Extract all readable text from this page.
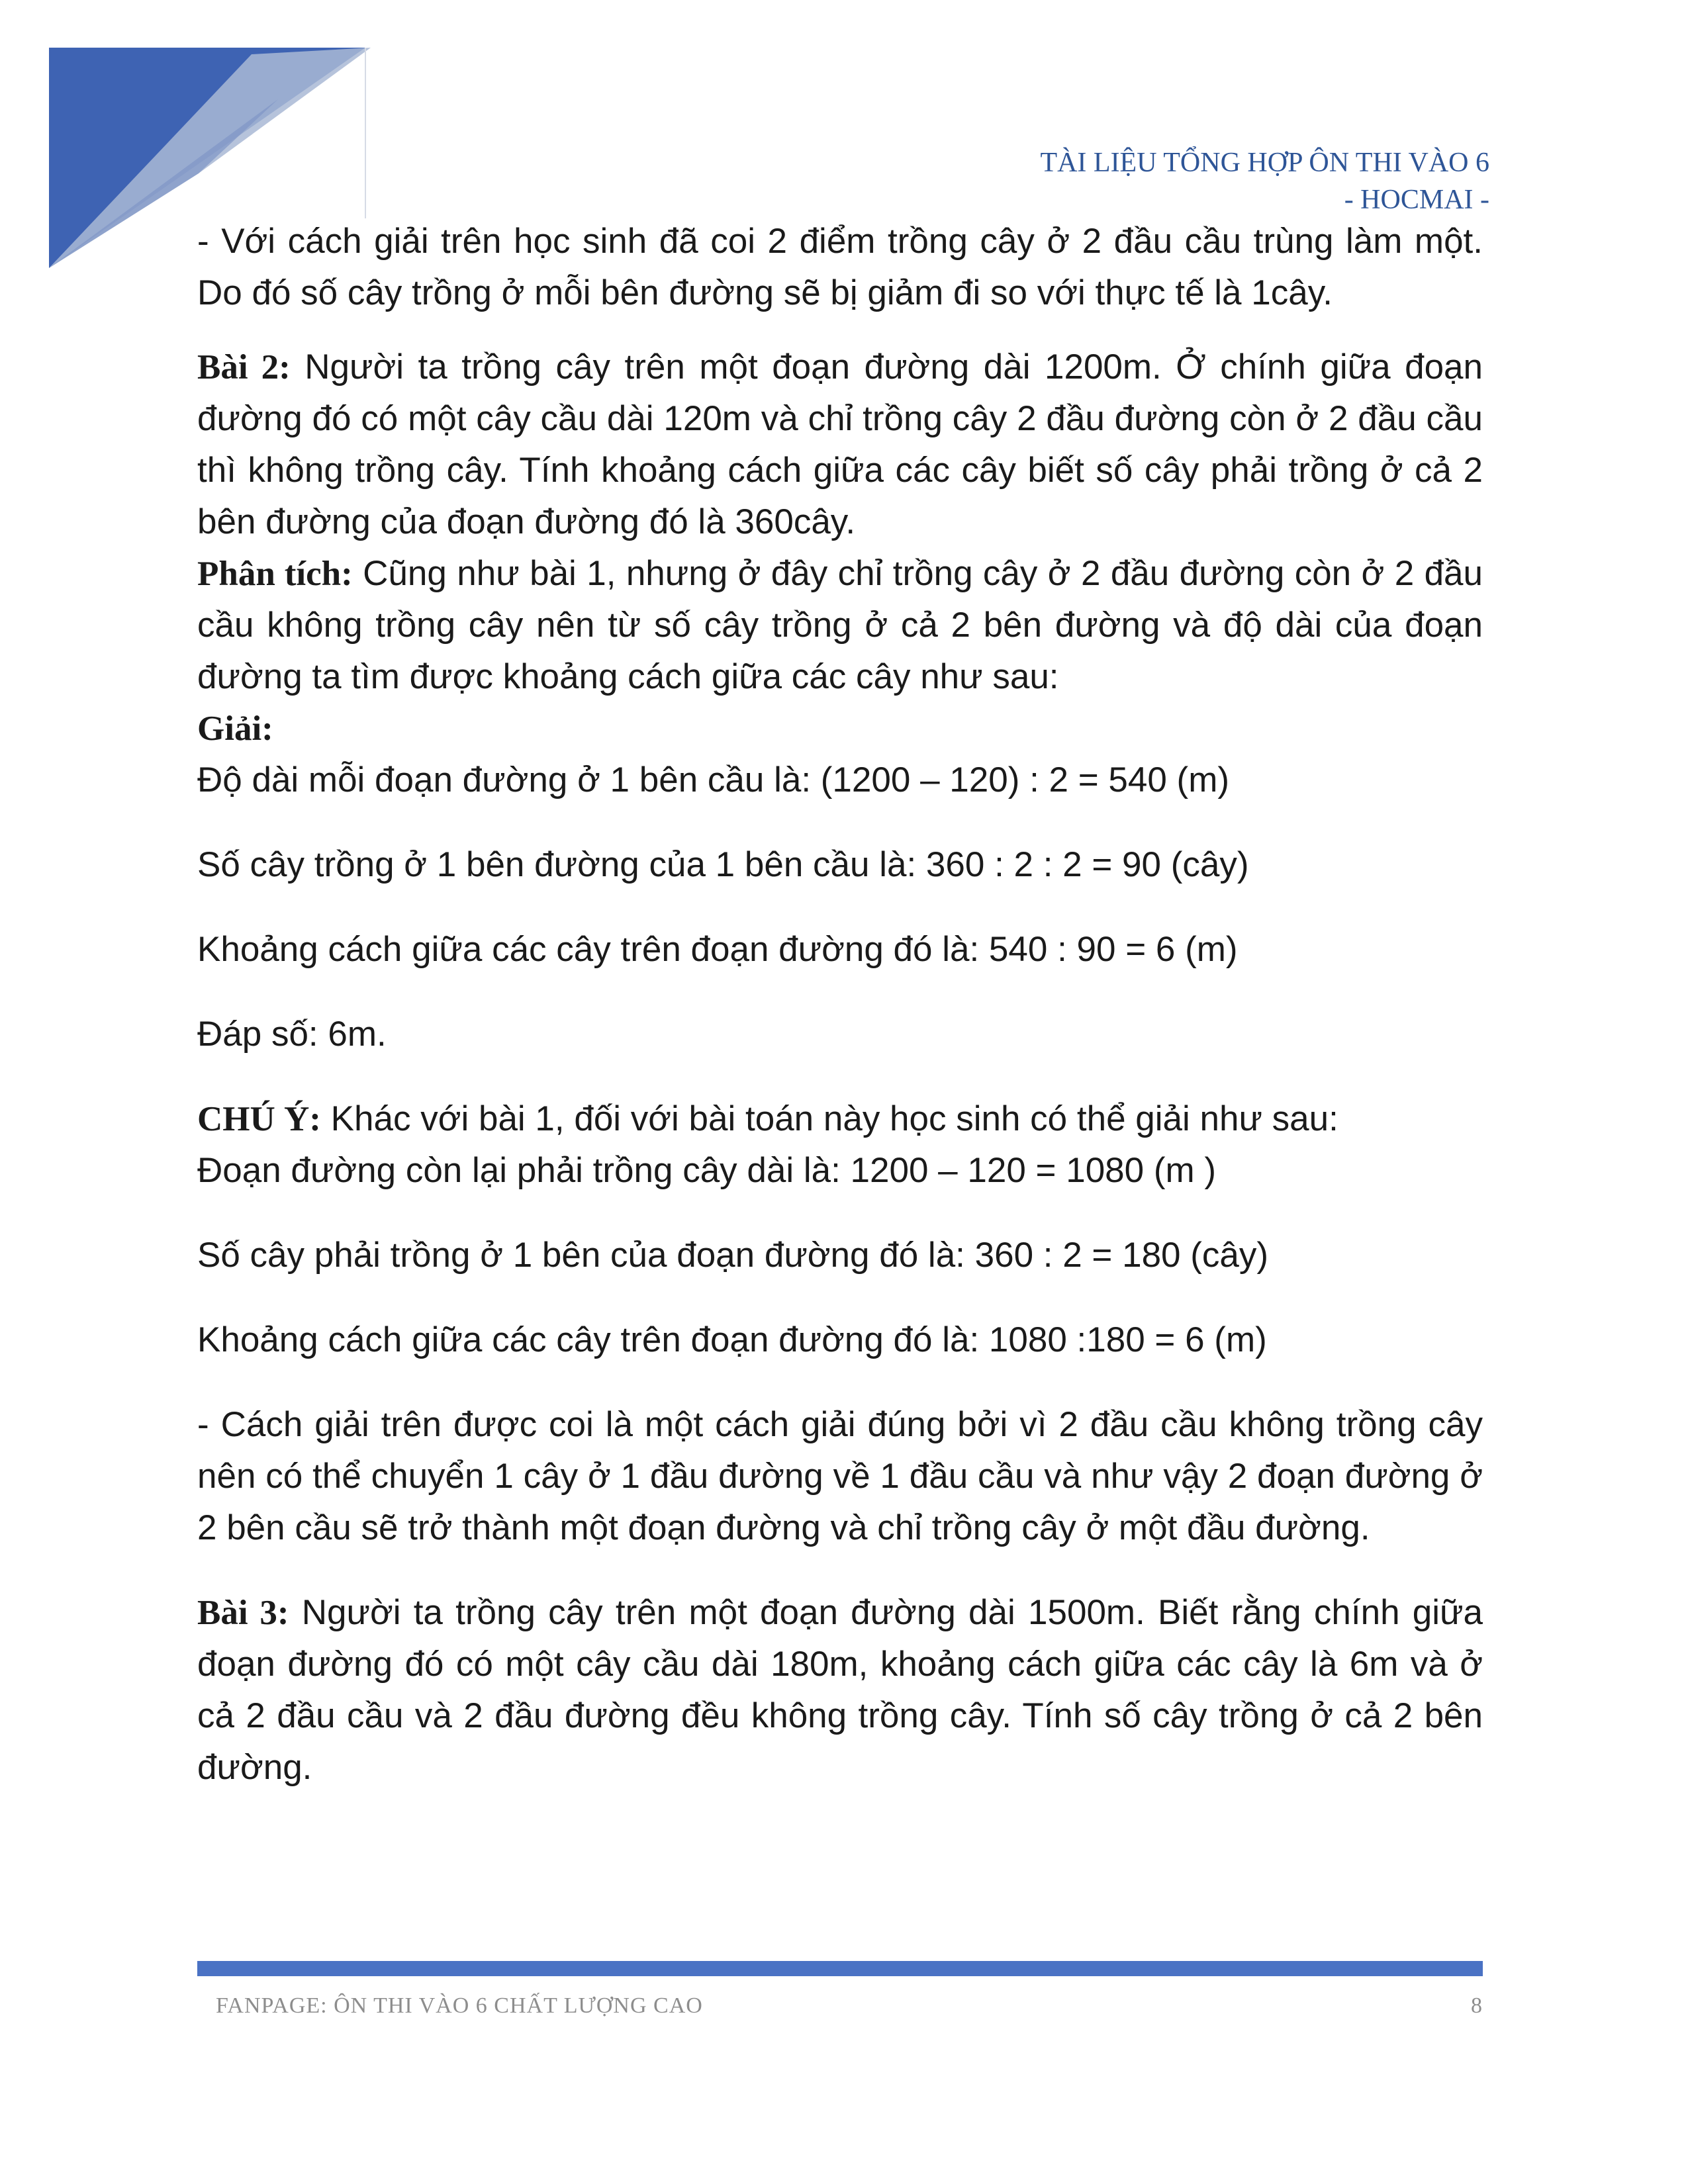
TÀI LIỆU TỔNG HỢP ÔN THI VÀO 6
- HOCMAI -

- Với cách giải trên học sinh đã coi 2 điểm trồng cây ở 2 đầu cầu trùng làm một. Do đó số cây trồng ở mỗi bên đường sẽ bị giảm đi so với thực tế là 1cây.

Bài 2: Người ta trồng cây trên một đoạn đường dài 1200m. Ở chính giữa đoạn đường đó có một cây cầu dài 120m và chỉ trồng cây 2 đầu đường còn ở 2 đầu cầu thì không trồng cây. Tính khoảng cách giữa các cây biết số cây phải trồng ở cả 2 bên đường của đoạn đường đó là 360cây.

Phân tích: Cũng như bài 1, nhưng ở đây chỉ trồng cây ở 2 đầu đường còn ở 2 đầu cầu không trồng cây nên từ số cây trồng ở cả 2 bên đường và độ dài của đoạn đường ta tìm được khoảng cách giữa các cây như sau:

Giải:

Độ dài mỗi đoạn đường ở 1 bên cầu là: (1200 – 120) : 2 = 540 (m)

Số cây trồng ở 1 bên đường của 1 bên cầu là: 360 : 2 : 2 = 90 (cây)

Khoảng cách giữa các cây trên đoạn đường đó là: 540 : 90 = 6 (m)

Đáp số: 6m.

CHÚ Ý: Khác với bài 1, đối với bài toán này học sinh có thể giải như sau:

Đoạn đường còn lại phải trồng cây dài là: 1200 – 120 = 1080 (m )

Số cây phải trồng ở 1 bên của đoạn đường đó là: 360 : 2 = 180 (cây)

Khoảng cách giữa các cây trên đoạn đường đó là: 1080 :180 = 6 (m)

- Cách giải trên được coi là một cách giải đúng bởi vì 2 đầu cầu không trồng cây nên có thể chuyển 1 cây ở 1 đầu đường về 1 đầu cầu và như vậy 2 đoạn đường ở 2 bên cầu sẽ trở thành một đoạn đường và chỉ trồng cây ở một đầu đường.

Bài 3: Người ta trồng cây trên một đoạn đường dài 1500m. Biết rằng chính giữa đoạn đường đó có một cây cầu dài 180m, khoảng cách giữa các cây là 6m và ở cả 2 đầu cầu và 2 đầu đường đều không trồng cây. Tính số cây trồng ở cả 2 bên đường.

FANPAGE: ÔN THI VÀO 6 CHẤT LƯỢNG CAO	8
